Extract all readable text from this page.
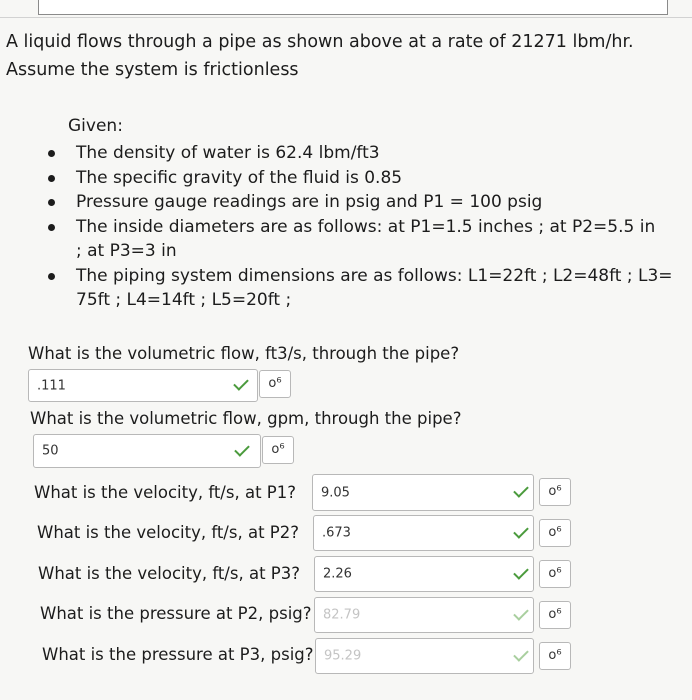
A liquid flows through a pipe as shown above at a rate of 21271 lbm/hr.
Assume the system is frictionless
Given:
The density of water is 62.4 lbm/ft3
The specific gravity of the fluid is 0.85
Pressure gauge readings are in psig and P1 = 100 psig
The inside diameters are as follows: at P1=1.5 inches ; at P2=5.5 in
; at P3=3 in
The piping system dimensions are as follows: L1=22ft ; L2=48ft ; L3=
75ft ; L4=14ft ; L5=20ft ;
What is the volumetric flow, ft3/s, through the pipe?
.111	o⁶
What is the volumetric flow, gpm, through the pipe?
50	o⁶
What is the velocity, ft/s, at P1? 9.05	o⁶
What is the velocity, ft/s, at P2? .673	o⁶
What is the velocity, ft/s, at P3? 2.26	o⁶
What is the pressure at P2, psig? 82.79	o⁶
What is the pressure at P3, psig? 95.29	o⁶
